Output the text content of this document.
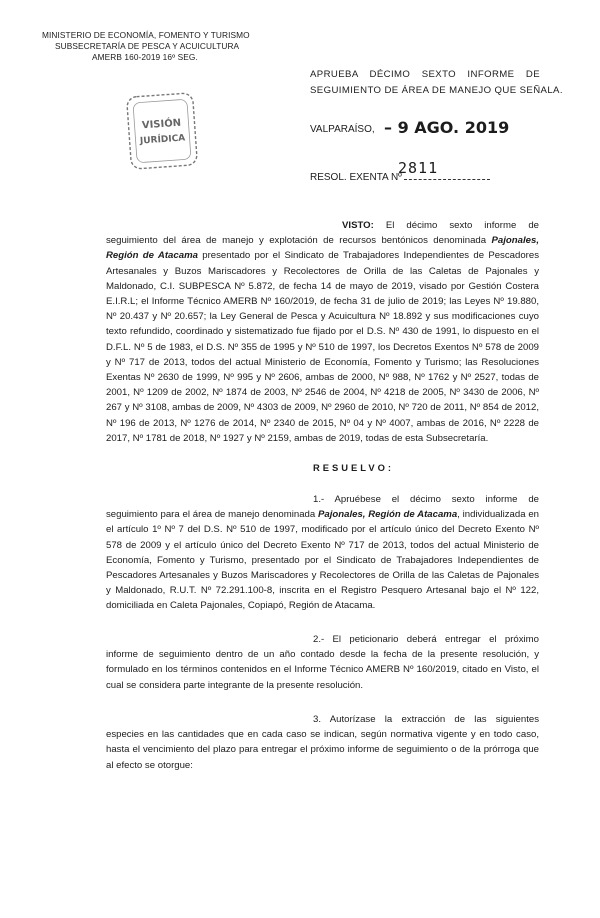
MINISTERIO DE ECONOMÍA, FOMENTO Y TURISMO
SUBSECRETARÍA DE PESCA Y ACUICULTURA
AMERB 160-2019 16º SEG.
VISIÓN
JURÍDICA
APRUEBA DÉCIMO SEXTO INFORME DE
SEGUIMIENTO DE ÁREA DE MANEJO QUE SEÑALA.
VALPARAÍSO, – 9 AGO. 2019
RESOL. EXENTA Nº
2811
VISTO: El décimo sexto informe de seguimiento del área de manejo y explotación de recursos bentónicos denominada Pajonales, Región de Atacama presentado por el Sindicato de Trabajadores Independientes de Pescadores Artesanales y Buzos Mariscadores y Recolectores de Orilla de las Caletas de Pajonales y Maldonado, C.I. SUBPESCA Nº 5.872, de fecha 14 de mayo de 2019, visado por Gestión Costera E.I.R.L; el Informe Técnico AMERB Nº 160/2019, de fecha 31 de julio de 2019; las Leyes Nº 19.880, Nº 20.437 y Nº 20.657; la Ley General de Pesca y Acuicultura Nº 18.892 y sus modificaciones cuyo texto refundido, coordinado y sistematizado fue fijado por el D.S. Nº 430 de 1991, lo dispuesto en el D.F.L. Nº 5 de 1983, el D.S. Nº 355 de 1995 y Nº 510 de 1997, los Decretos Exentos Nº 578 de 2009 y Nº 717 de 2013, todos del actual Ministerio de Economía, Fomento y Turismo; las Resoluciones Exentas Nº 2630 de 1999, Nº 995 y Nº 2606, ambas de 2000, Nº 988, Nº 1762 y Nº 2527, todas de 2001, Nº 1209 de 2002, Nº 1874 de 2003, Nº 2546 de 2004, Nº 4218 de 2005, Nº 3430 de 2006, Nº 267 y Nº 3108, ambas de 2009, Nº 4303 de 2009, Nº 2960 de 2010, Nº 720 de 2011, Nº 854 de 2012, Nº 196 de 2013, Nº 1276 de 2014, Nº 2340 de 2015, Nº 04 y Nº 4007, ambas de 2016, Nº 2228 de 2017, Nº 1781 de 2018, Nº 1927 y Nº 2159, ambas de 2019, todas de esta Subsecretaría.
RESUELVO:
1.- Apruébese el décimo sexto informe de seguimiento para el área de manejo denominada Pajonales, Región de Atacama, individualizada en el artículo 1º Nº 7 del D.S. Nº 510 de 1997, modificado por el artículo único del Decreto Exento Nº 578 de 2009 y el artículo único del Decreto Exento Nº 717 de 2013, todos del actual Ministerio de Economía, Fomento y Turismo, presentado por el Sindicato de Trabajadores Independientes de Pescadores Artesanales y Buzos Mariscadores y Recolectores de Orilla de las Caletas de Pajonales y Maldonado, R.U.T. Nº 72.291.100-8, inscrita en el Registro Pesquero Artesanal bajo el Nº 122, domiciliada en Caleta Pajonales, Copiapó, Región de Atacama.
2.- El peticionario deberá entregar el próximo informe de seguimiento dentro de un año contado desde la fecha de la presente resolución, y formulado en los términos contenidos en el Informe Técnico AMERB Nº 160/2019, citado en Visto, el cual se considera parte integrante de la presente resolución.
3. Autorízase la extracción de las siguientes especies en las cantidades que en cada caso se indican, según normativa vigente y en todo caso, hasta el vencimiento del plazo para entregar el próximo informe de seguimiento o de la prórroga que al efecto se otorgue:
